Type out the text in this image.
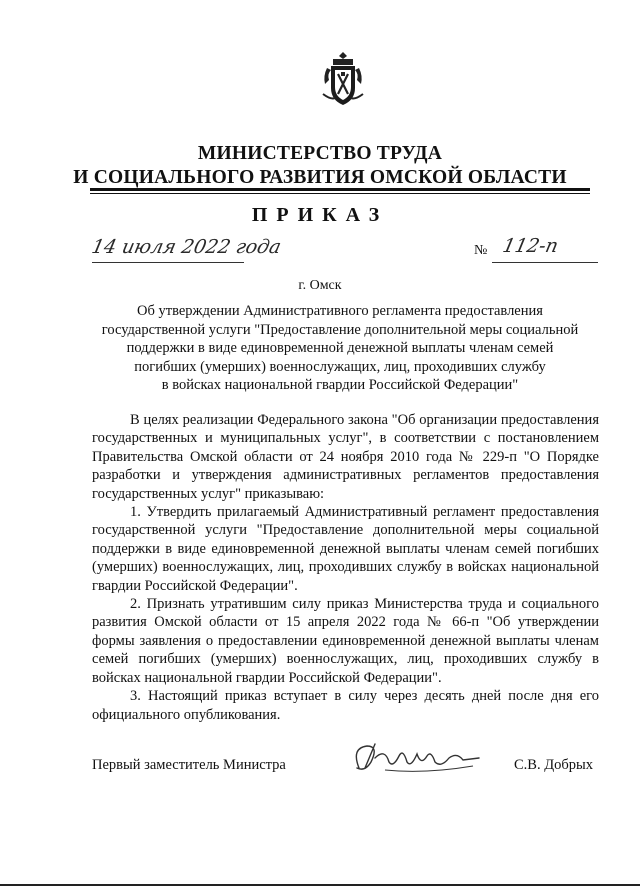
МИНИСТЕРСТВО ТРУДА
И СОЦИАЛЬНОГО РАЗВИТИЯ ОМСКОЙ ОБЛАСТИ
ПРИКАЗ
14 июля 2022 года	№ 112-п
г. Омск
Об утверждении Административного регламента предоставления
государственной услуги "Предоставление дополнительной меры социальной
поддержки в виде единовременной денежной выплаты членам семей
погибших (умерших) военнослужащих, лиц, проходивших службу
в войсках национальной гвардии Российской Федерации"

В целях реализации Федерального закона "Об организации предоставления государственных и муниципальных услуг", в соответствии с постановлением Правительства Омской области от 24 ноября 2010 года № 229-п "О Порядке разработки и утверждения административных регламентов предоставления государственных услуг" приказываю:

1. Утвердить прилагаемый Административный регламент предоставления государственной услуги "Предоставление дополнительной меры социальной поддержки в виде единовременной денежной выплаты членам семей погибших (умерших) военнослужащих, лиц, проходивших службу в войсках национальной гвардии Российской Федерации".

2. Признать утратившим силу приказ Министерства труда и социального развития Омской области от 15 апреля 2022 года № 66-п "Об утверждении формы заявления о предоставлении единовременной денежной выплаты членам семей погибших (умерших) военнослужащих, лиц, проходивших службу в войсках национальной гвардии Российской Федерации".

3. Настоящий приказ вступает в силу через десять дней после дня его официального опубликования.

Первый заместитель Министра	С.В. Добрых
